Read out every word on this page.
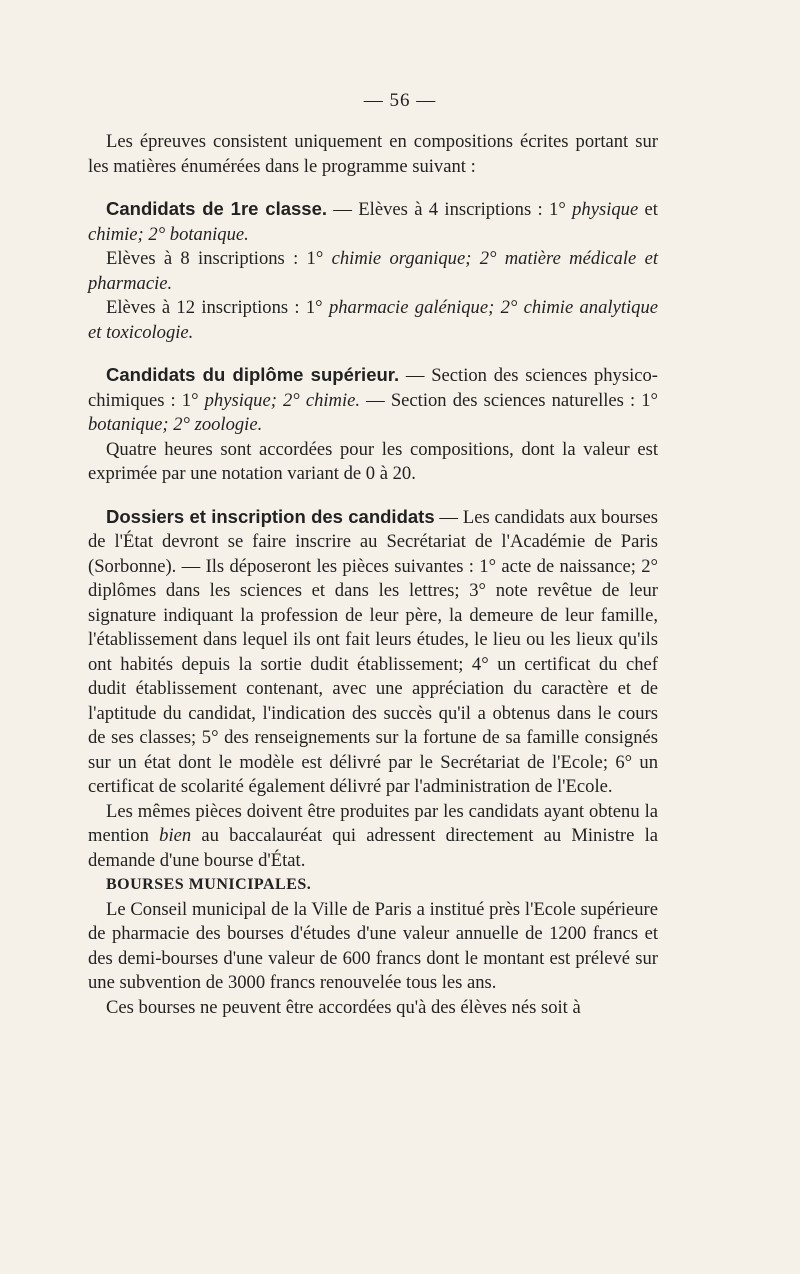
— 56 —

Les épreuves consistent uniquement en compositions écrites portant sur les matières énumérées dans le programme suivant :

Candidats de 1re classe. — Elèves à 4 inscriptions : 1° physique et chimie; 2° botanique.

Elèves à 8 inscriptions : 1° chimie organique; 2° matière médicale et pharmacie.

Elèves à 12 inscriptions : 1° pharmacie galénique; 2° chimie analytique et toxicologie.

Candidats du diplôme supérieur. — Section des sciences physico-chimiques : 1° physique; 2° chimie. — Section des sciences naturelles : 1° botanique; 2° zoologie.

Quatre heures sont accordées pour les compositions, dont la valeur est exprimée par une notation variant de 0 à 20.

Dossiers et inscription des candidats — Les candidats aux bourses de l'État devront se faire inscrire au Secrétariat de l'Académie de Paris (Sorbonne). — Ils déposeront les pièces suivantes : 1° acte de naissance; 2° diplômes dans les sciences et dans les lettres; 3° note revêtue de leur signature indiquant la profession de leur père, la demeure de leur famille, l'établissement dans lequel ils ont fait leurs études, le lieu ou les lieux qu'ils ont habités depuis la sortie dudit établissement; 4° un certificat du chef dudit établissement contenant, avec une appréciation du caractère et de l'aptitude du candidat, l'indication des succès qu'il a obtenus dans le cours de ses classes; 5° des renseignements sur la fortune de sa famille consignés sur un état dont le modèle est délivré par le Secrétariat de l'Ecole; 6° un certificat de scolarité également délivré par l'administration de l'Ecole.

Les mêmes pièces doivent être produites par les candidats ayant obtenu la mention bien au baccalauréat qui adressent directement au Ministre la demande d'une bourse d'État.

BOURSES MUNICIPALES.

Le Conseil municipal de la Ville de Paris a institué près l'Ecole supérieure de pharmacie des bourses d'études d'une valeur annuelle de 1200 francs et des demi-bourses d'une valeur de 600 francs dont le montant est prélevé sur une subvention de 3000 francs renouvelée tous les ans.

Ces bourses ne peuvent être accordées qu'à des élèves nés soit à
